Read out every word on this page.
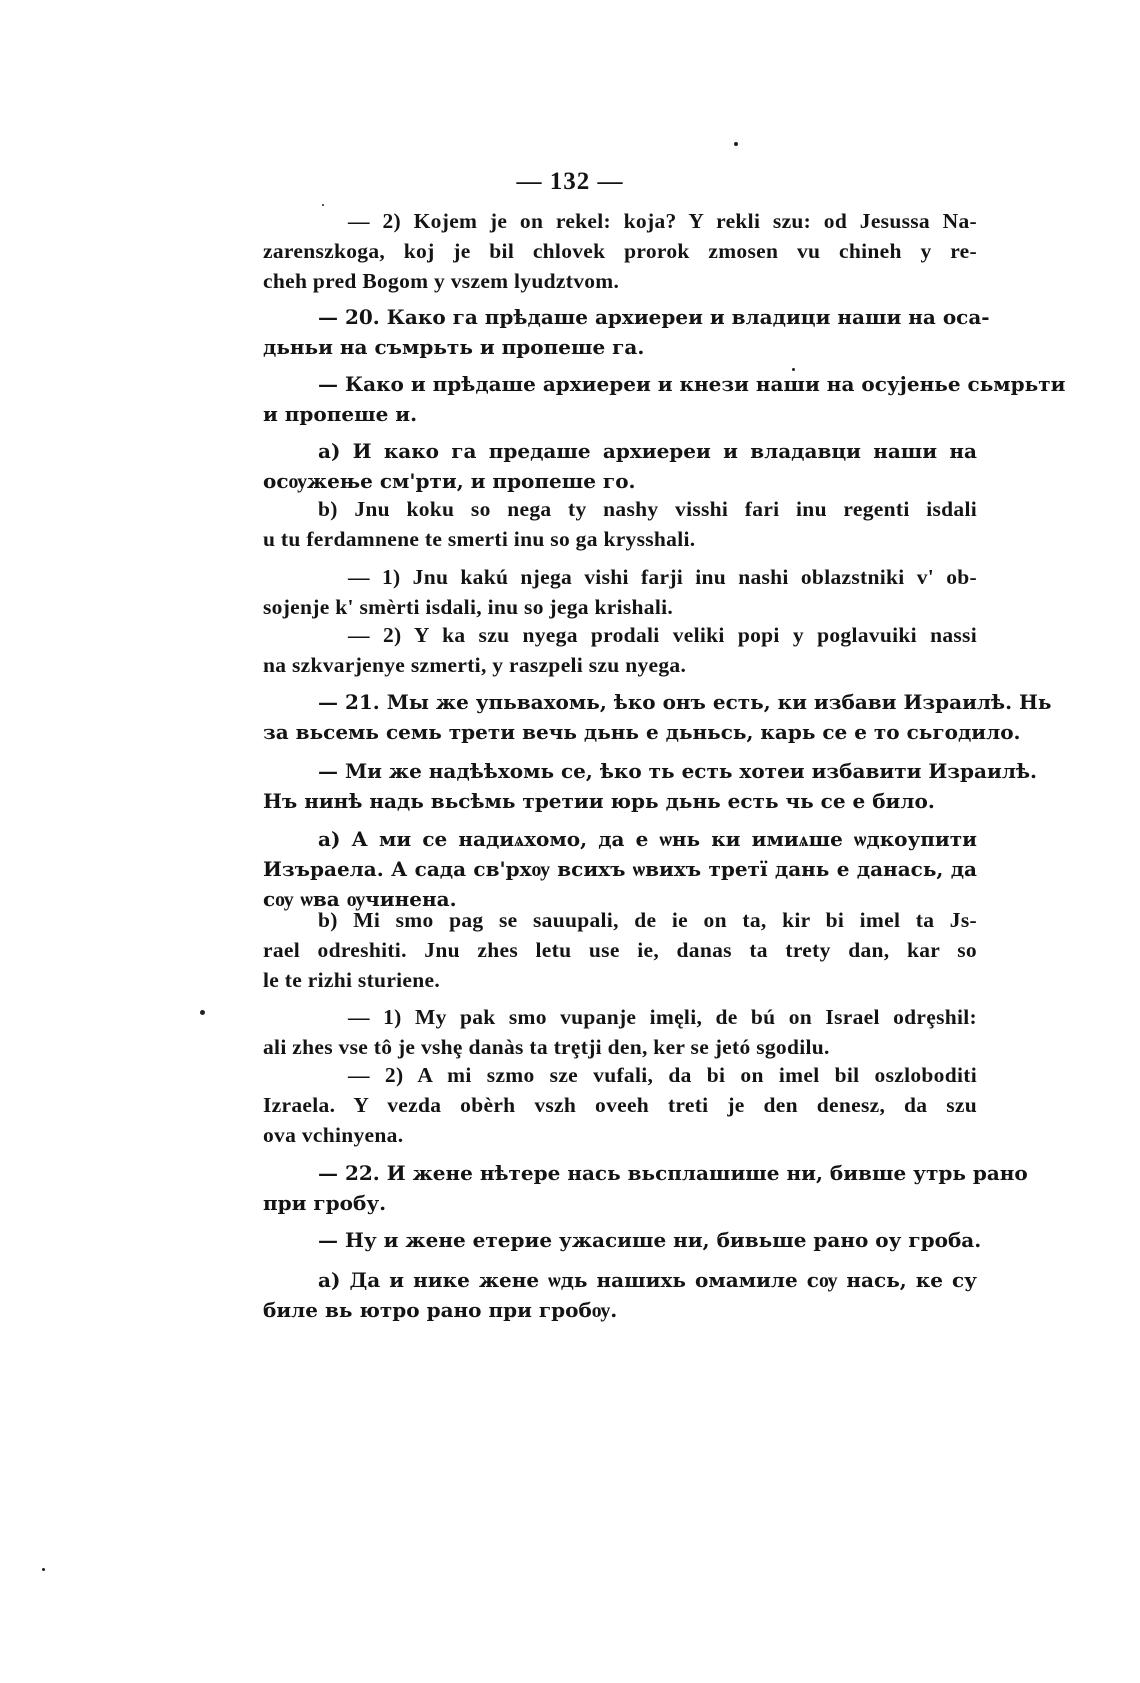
— 132 —
— 2) Kojem je on rekel: koja? Y rekli szu: od Jesussa Na-
zarenszkoga, koj je bil chlovek prorok zmosen vu chineh y re-
cheh pred Bogom y vszem lyudztvom.
— 20. Како га прѣдаше архиереи и владици наши на оса-
дьньи на съмрьть и пропеше га.
— Како и прѣдаше архиереи и кнези наши на осуjенье сьмрьти
и пропеше и.
а) И како га предаше архиереи и владавци наши на
осѹжење см'рти, и пропеше го.
b) Jnu koku so nega ty nashy visshi fari inu regenti isdali
u tu ferdamnene te smerti inu so ga krysshali.
— 1) Jnu kakú njega vishi farji inu nashi oblazstniki v' ob-
sojenje k' smèrti isdali, inu so jega krishali.
— 2) Y ka szu nyega prodali veliki popi y poglavuiki nassi
na szkvarjenye szmerti, y raszpeli szu nyega.
— 21. Мы же упьвахомь, ѣко онъ есть, ки избави Израилѣ. Нь
за вьсемь семь трети вечь дьнь е дьньсь, карь се е то сьгодило.
— Ми же надѣѣхомь се, ѣко ть есть хотеи избавити Израилѣ.
Нъ нинѣ надь вьсѣмь третии юрь дьнь есть чь се е било.
а) А ми се надиѧхомо, да е ѡнь ки имиѧше ѡдкоупити
Изъраела. А сада св'рхѹ всихъ ѡвихъ третї дань е данась, да
сѹ ѡва ѹчинена.
b) Mi smo pag se sauupali, de ie on ta, kir bi imel ta Js-
rael odreshiti. Jnu zhes letu use ie, danas ta trety dan, kar so
le te rizhi sturiene.
— 1) My pak smo vupanje imęli, de bú on Israel odrȩshil:
ali zhes vse tô je vshȩ danàs ta trȩtji den, ker se jetó sgodilu.
— 2) A mi szmo sze vufali, da bi on imel bil oszloboditi
Izraela. Y vezda obèrh vszh oveeh treti je den denesz, da szu
ova vchinyena.
— 22. И жене нѣтере нась вьсплашише ни, бивше утрь рано
при гробу.
— Ну и жене етерие ужасише ни, бивьше рано оу гроба.
а) Да и нике жене ѡдь нашихь омамиле сѹ нась, ке су
биле вь ютро рано при гробѹ.
